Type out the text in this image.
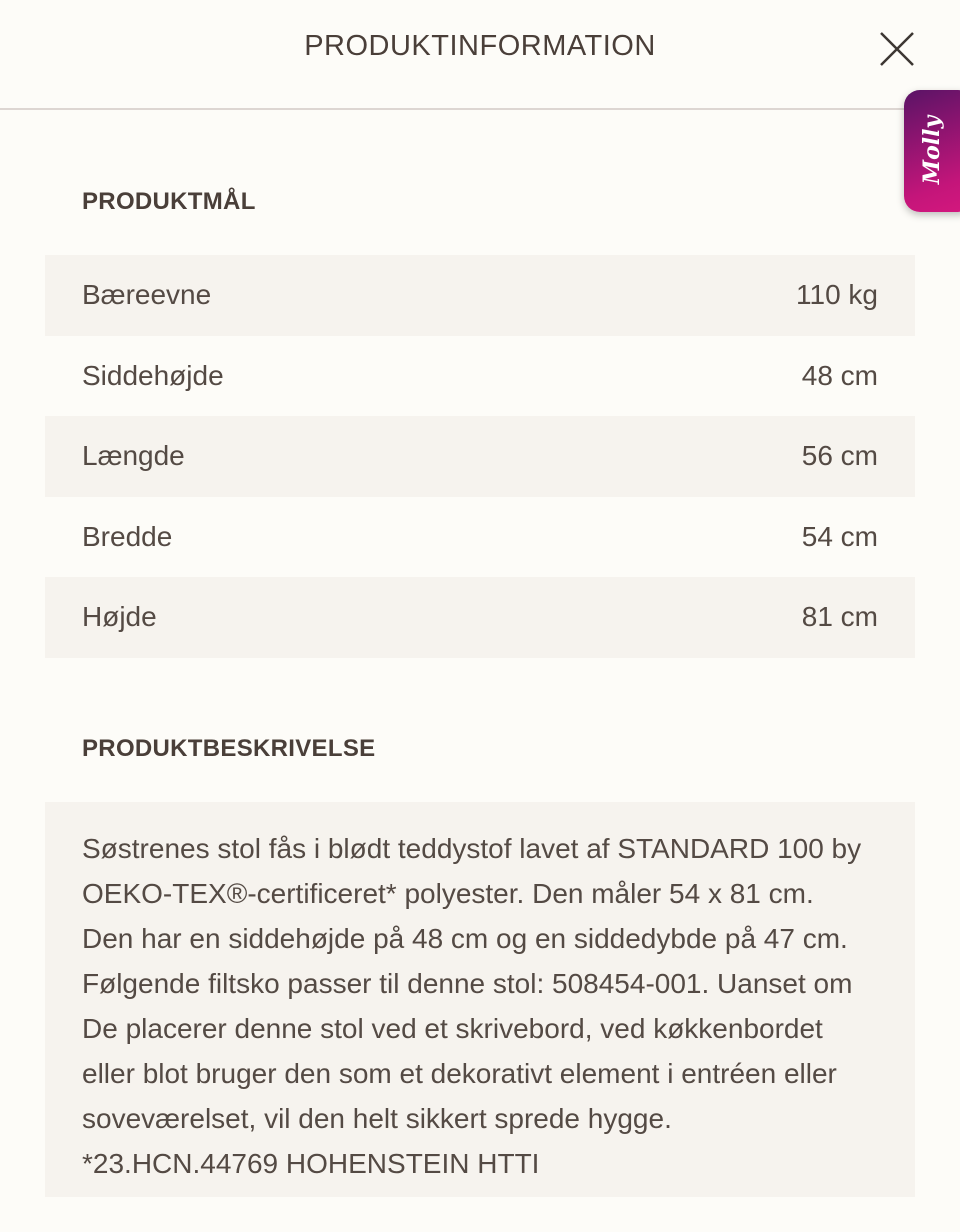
PRODUKTINFORMATION
Molly
PRODUKTMÅL
Bæreevne	110 kg
Siddehøjde	48 cm
Længde	56 cm
Bredde	54 cm
Højde	81 cm
PRODUKTBESKRIVELSE
Søstrenes stol fås i blødt teddystof lavet af STANDARD 100 by
OEKO-TEX®-certificeret* polyester. Den måler 54 x 81 cm.
Den har en siddehøjde på 48 cm og en siddedybde på 47 cm.
Følgende filtsko passer til denne stol: 508454-001. Uanset om
De placerer denne stol ved et skrivebord, ved køkkenbordet
eller blot bruger den som et dekorativt element i entréen eller
soveværelset, vil den helt sikkert sprede hygge.
*23.HCN.44769 HOHENSTEIN HTTI
